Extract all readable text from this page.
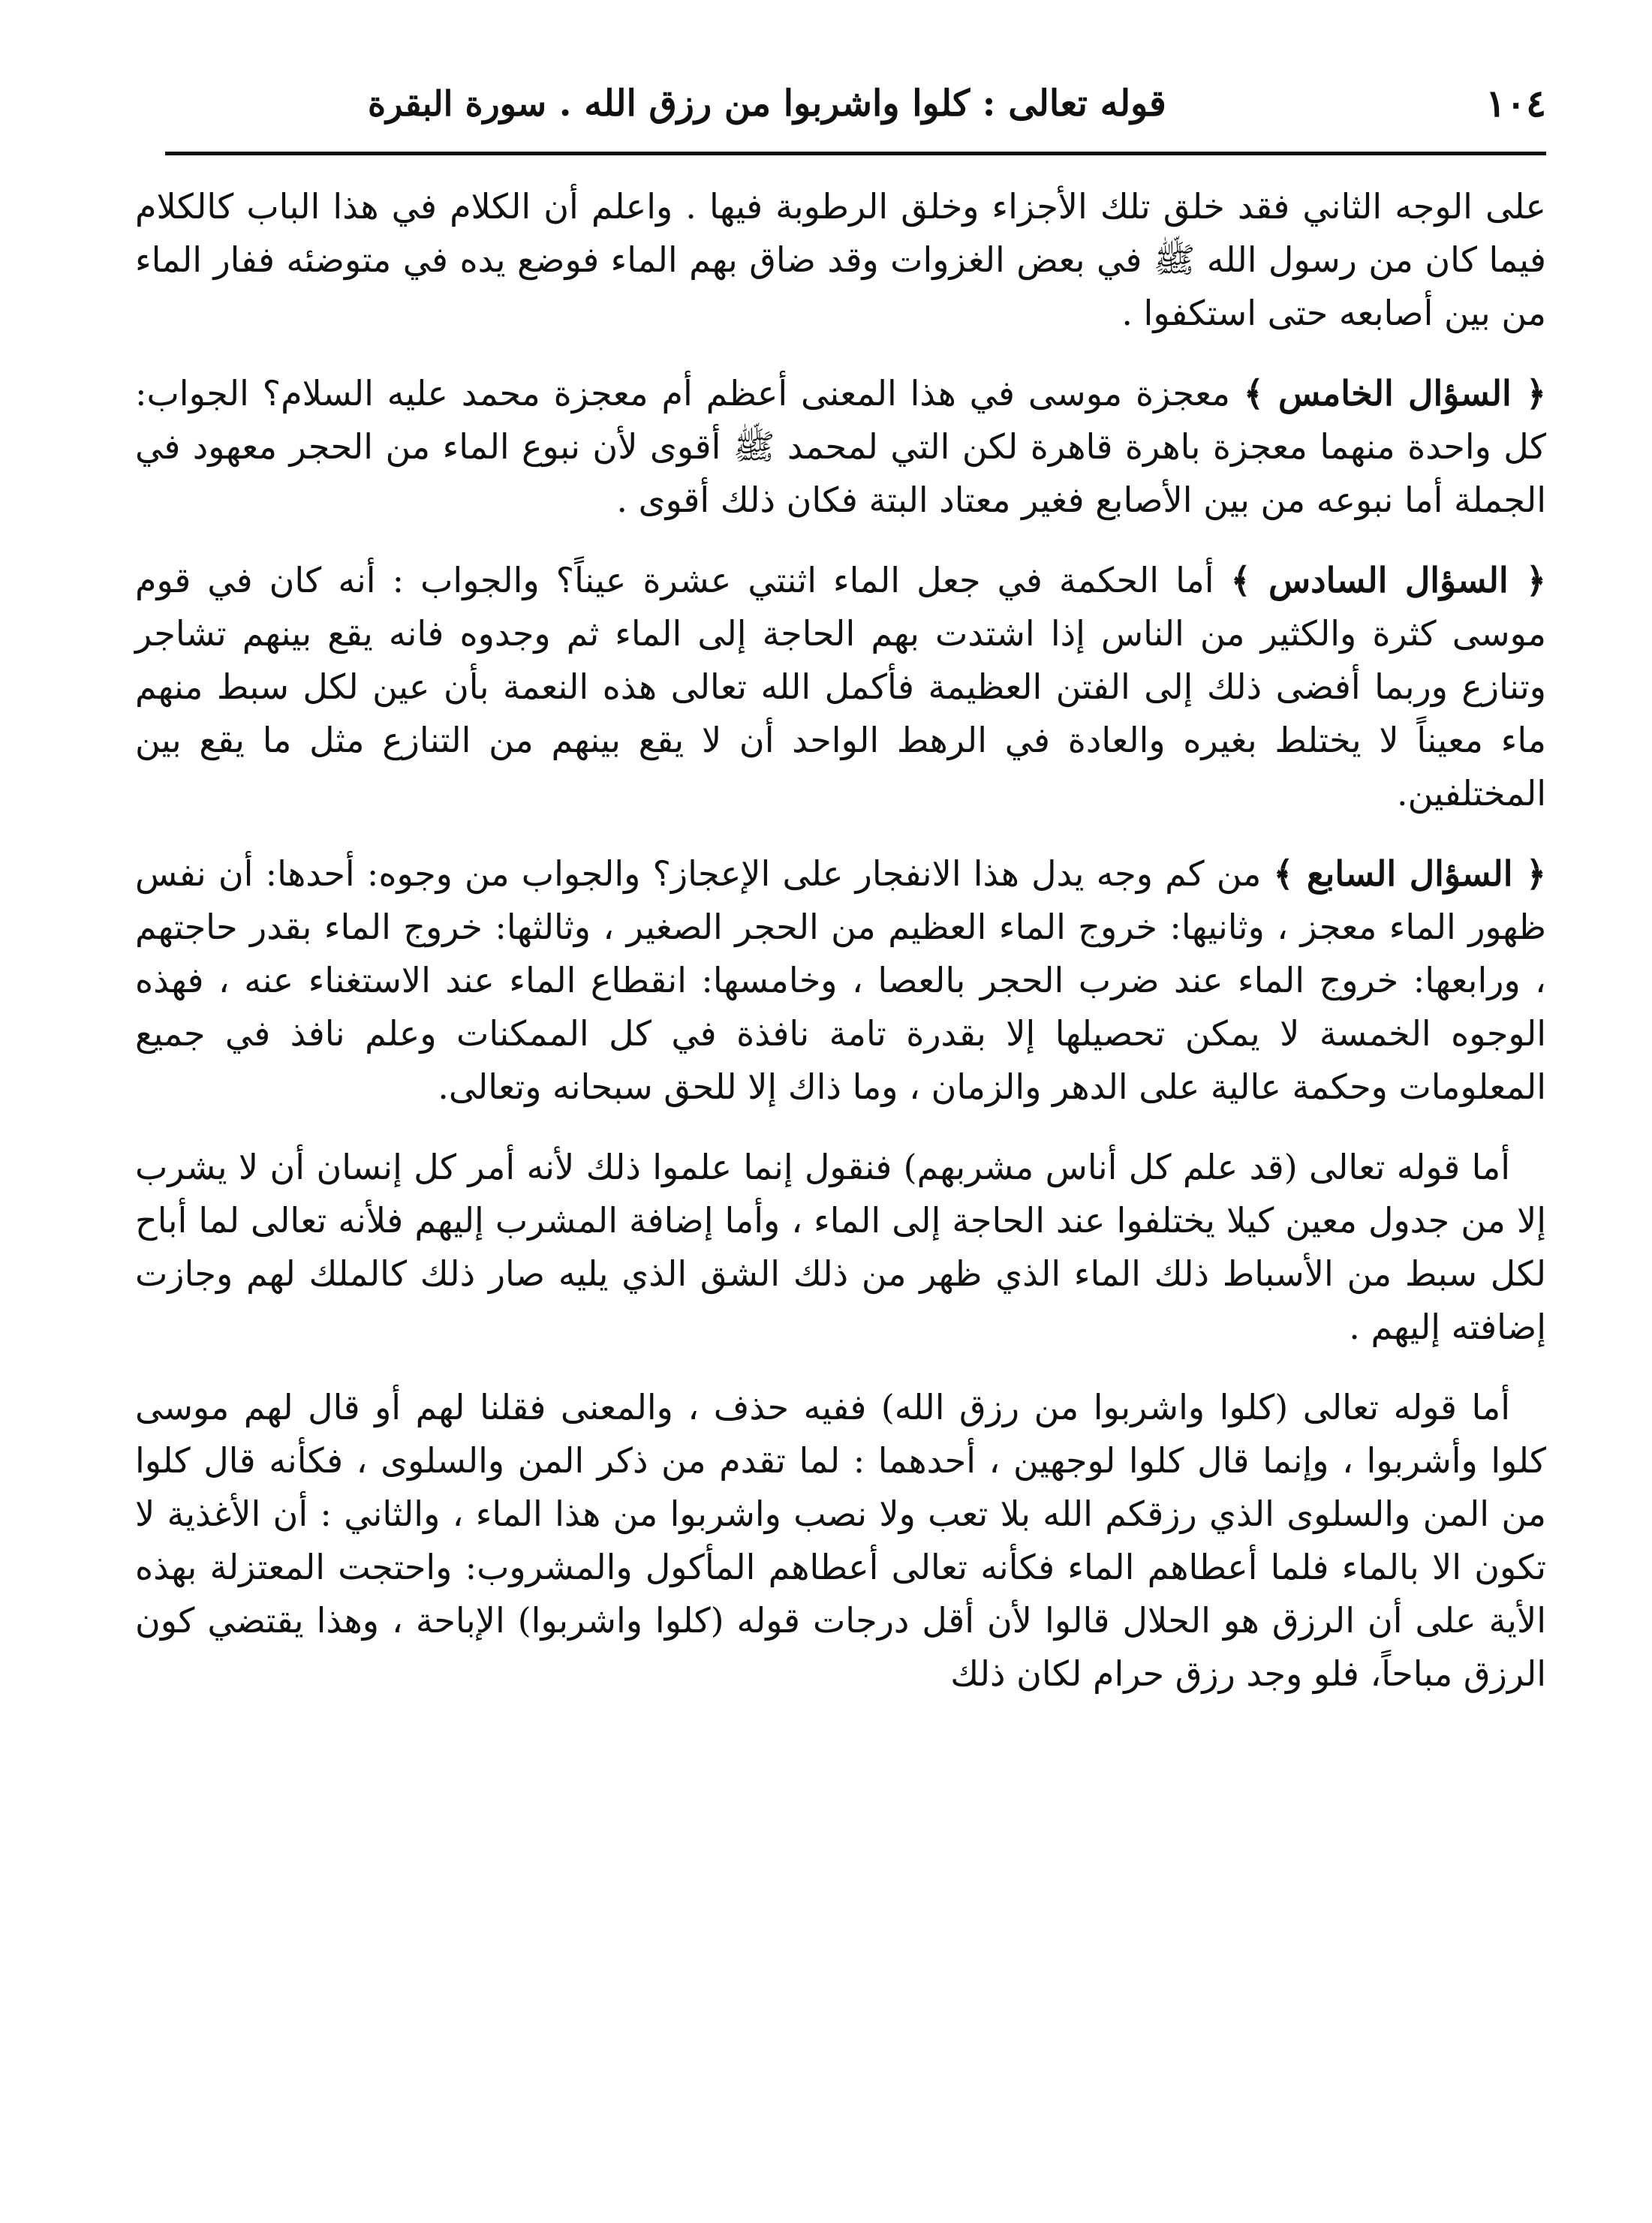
١٠٤
قوله تعالى : كلوا واشربوا من رزق الله . سورة البقرة

على الوجه الثاني فقد خلق تلك الأجزاء وخلق الرطوبة فيها . واعلم أن الكلام في هذا الباب كالكلام فيما كان من رسول الله ﷺ في بعض الغزوات وقد ضاق بهم الماء فوضع يده في متوضئه ففار الماء من بين أصابعه حتى استكفوا .

﴿ السؤال الخامس ﴾ معجزة موسى في هذا المعنى أعظم أم معجزة محمد عليه السلام؟ الجواب: كل واحدة منهما معجزة باهرة قاهرة لكن التي لمحمد ﷺ أقوى لأن نبوع الماء من الحجر معهود في الجملة أما نبوعه من بين الأصابع فغير معتاد البتة فكان ذلك أقوى .

﴿ السؤال السادس ﴾ أما الحكمة في جعل الماء اثنتي عشرة عيناً؟ والجواب : أنه كان في قوم موسى كثرة والكثير من الناس إذا اشتدت بهم الحاجة إلى الماء ثم وجدوه فانه يقع بينهم تشاجر وتنازع وربما أفضى ذلك إلى الفتن العظيمة فأكمل الله تعالى هذه النعمة بأن عين لكل سبط منهم ماء معيناً لا يختلط بغيره والعادة في الرهط الواحد أن لا يقع بينهم من التنازع مثل ما يقع بين المختلفين.

﴿ السؤال السابع ﴾ من كم وجه يدل هذا الانفجار على الإعجاز؟ والجواب من وجوه: أحدها: أن نفس ظهور الماء معجز ، وثانيها: خروج الماء العظيم من الحجر الصغير ، وثالثها: خروج الماء بقدر حاجتهم ، ورابعها: خروج الماء عند ضرب الحجر بالعصا ، وخامسها: انقطاع الماء عند الاستغناء عنه ، فهذه الوجوه الخمسة لا يمكن تحصيلها إلا بقدرة تامة نافذة في كل الممكنات وعلم نافذ في جميع المعلومات وحكمة عالية على الدهر والزمان ، وما ذاك إلا للحق سبحانه وتعالى.

أما قوله تعالى (قد علم كل أناس مشربهم) فنقول إنما علموا ذلك لأنه أمر كل إنسان أن لا يشرب إلا من جدول معين كيلا يختلفوا عند الحاجة إلى الماء ، وأما إضافة المشرب إليهم فلأنه تعالى لما أباح لكل سبط من الأسباط ذلك الماء الذي ظهر من ذلك الشق الذي يليه صار ذلك كالملك لهم وجازت إضافته إليهم .

أما قوله تعالى (كلوا واشربوا من رزق الله) ففيه حذف ، والمعنى فقلنا لهم أو قال لهم موسى كلوا وأشربوا ، وإنما قال كلوا لوجهين ، أحدهما : لما تقدم من ذكر المن والسلوى ، فكأنه قال كلوا من المن والسلوى الذي رزقكم الله بلا تعب ولا نصب واشربوا من هذا الماء ، والثاني : أن الأغذية لا تكون الا بالماء فلما أعطاهم الماء فكأنه تعالى أعطاهم المأكول والمشروب: واحتجت المعتزلة بهذه الأية على أن الرزق هو الحلال قالوا لأن أقل درجات قوله (كلوا واشربوا) الإباحة ، وهذا يقتضي كون الرزق مباحاً، فلو وجد رزق حرام لكان ذلك
